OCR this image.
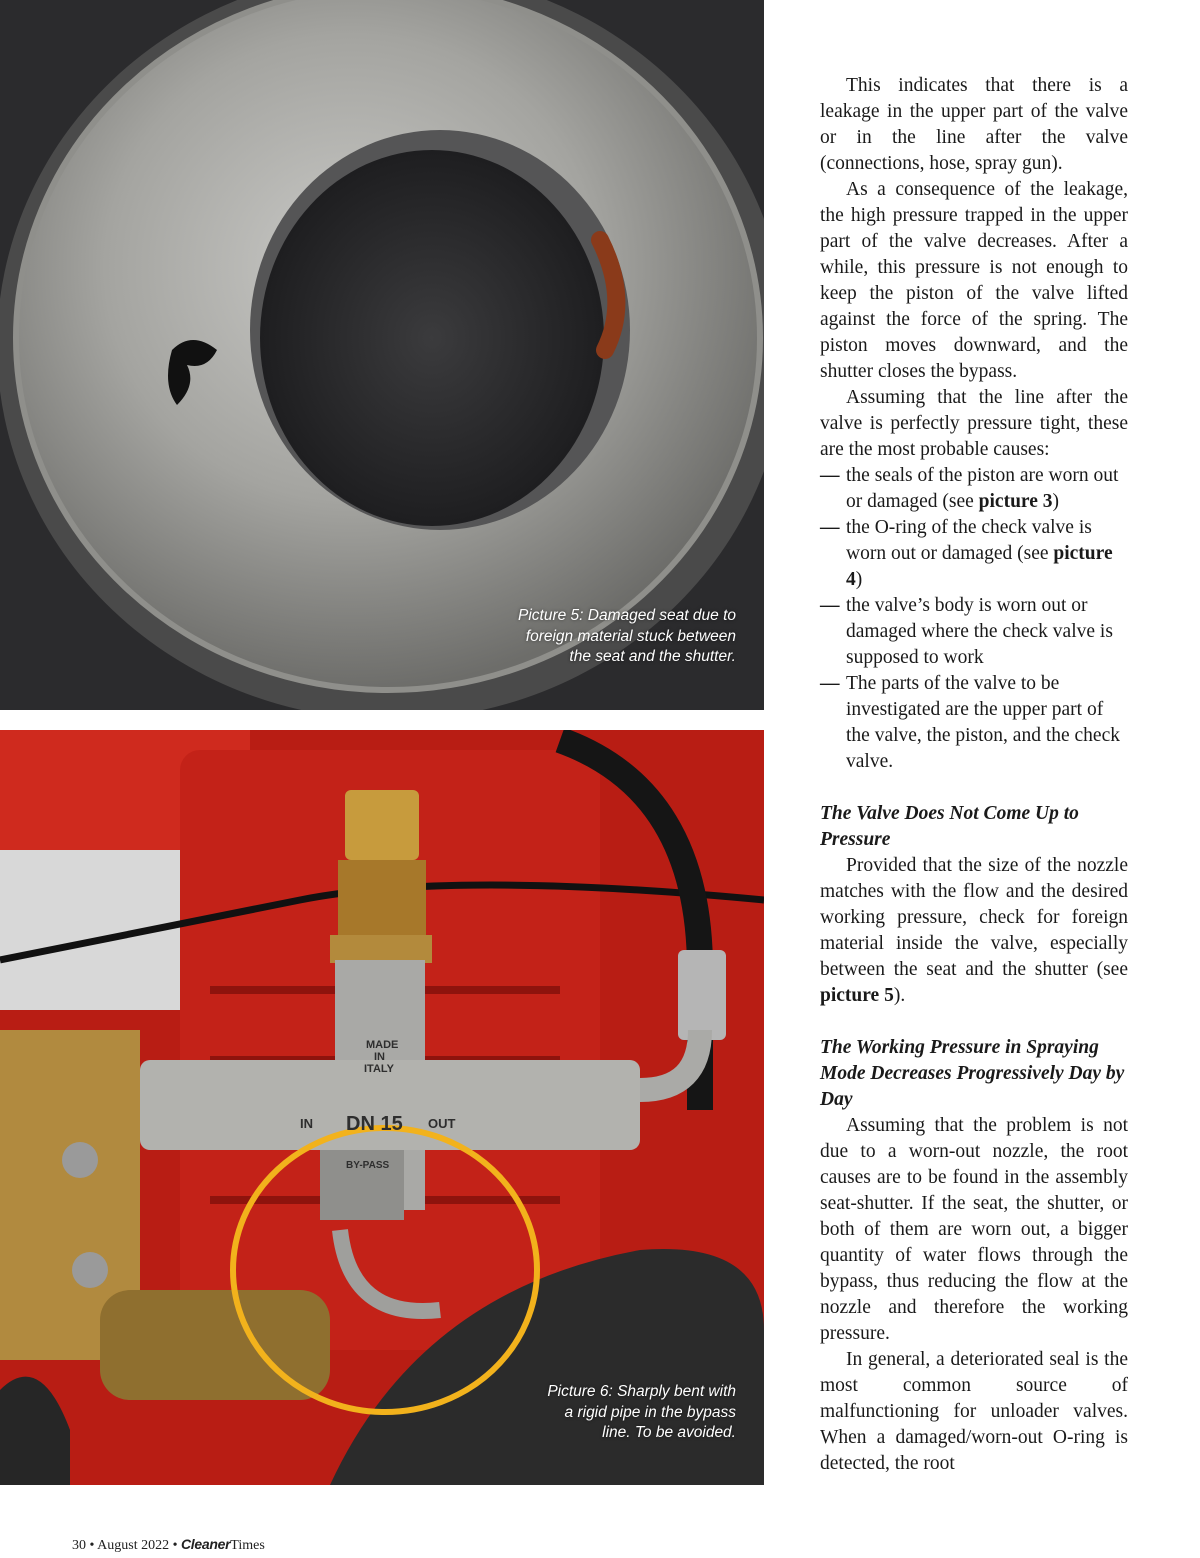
Picture 5: Damaged seat due to foreign material stuck between the seat and the shutter.
MADE
IN
ITALY
DN 15
IN	OUT
BY-PASS
Picture 6: Sharply bent with a rigid pipe in the bypass line. To be avoided.

This indicates that there is a leakage in the upper part of the valve or in the line after the valve (connections, hose, spray gun).

As a consequence of the leakage, the high pressure trapped in the upper part of the valve decreases. After a while, this pressure is not enough to keep the piston of the valve lifted against the force of the spring. The piston moves downward, and the shutter closes the bypass.

Assuming that the line after the valve is perfectly pressure tight, these are the most probable causes:

— the seals of the piston are worn out or damaged (see picture 3)
— the O-ring of the check valve is worn out or damaged (see picture 4)
— the valve’s body is worn out or damaged where the check valve is supposed to work
— The parts of the valve to be investigated are the upper part of the valve, the piston, and the check valve.
The Valve Does Not Come Up to Pressure

Provided that the size of the nozzle matches with the flow and the desired working pressure, check for foreign material inside the valve, especially between the seat and the shutter (see picture 5).

The Working Pressure in Spraying Mode Decreases Progressively Day by Day

Assuming that the problem is not due to a worn-out nozzle, the root causes are to be found in the assembly seat-shutter. If the seat, the shutter, or both of them are worn out, a bigger quantity of water flows through the bypass, thus reducing the flow at the nozzle and therefore the working pressure.

In general, a deteriorated seal is the most common source of malfunctioning for unloader valves. When a damaged/worn-out O-ring is detected, the root

30 • August 2022 • CleanerTimes
